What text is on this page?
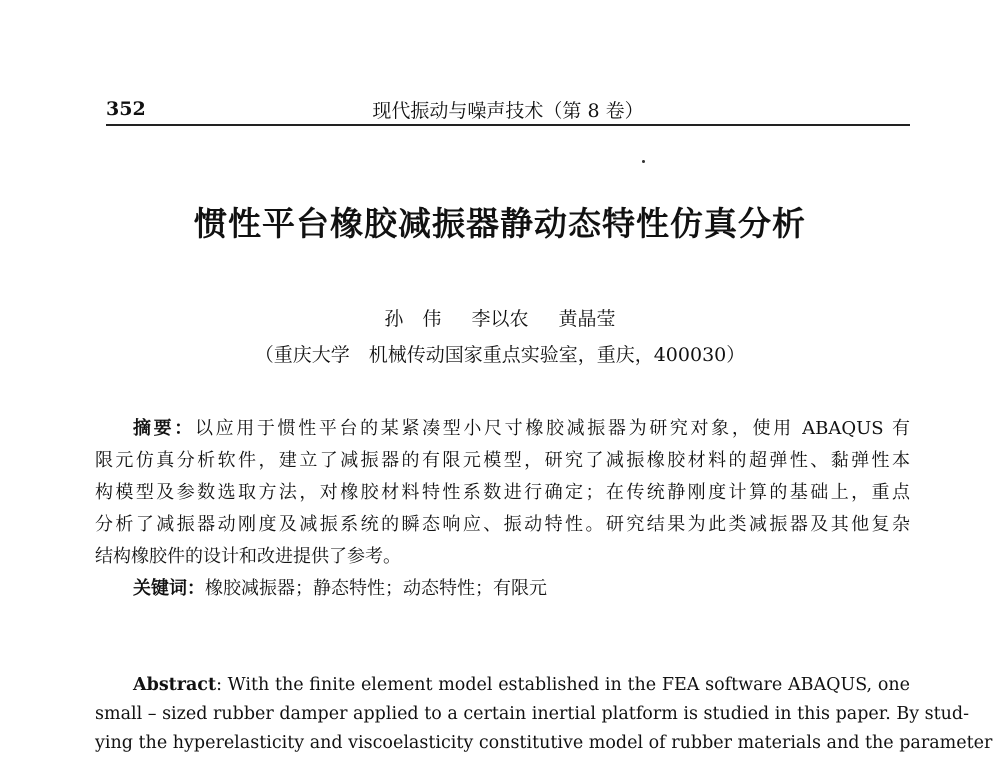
352	现代振动与噪声技术（第 8 卷）
惯性平台橡胶减振器静动态特性仿真分析
孙　伟 李以农 黄晶莹
（重庆大学　机械传动国家重点实验室，重庆，400030）
摘要：以应用于惯性平台的某紧凑型小尺寸橡胶减振器为研究对象，使用 ABAQUS 有
限元仿真分析软件，建立了减振器的有限元模型，研究了减振橡胶材料的超弹性、黏弹性本
构模型及参数选取方法，对橡胶材料特性系数进行确定；在传统静刚度计算的基础上，重点
分析了减振器动刚度及减振系统的瞬态响应、振动特性。研究结果为此类减振器及其他复杂
结构橡胶件的设计和改进提供了参考。
关键词：橡胶减振器；静态特性；动态特性；有限元
Abstract: With the finite element model established in the FEA software ABAQUS, one
small – sized rubber damper applied to a certain inertial platform is studied in this paper. By stud-
ying the hyperelasticity and viscoelasticity constitutive model of rubber materials and the parameter
